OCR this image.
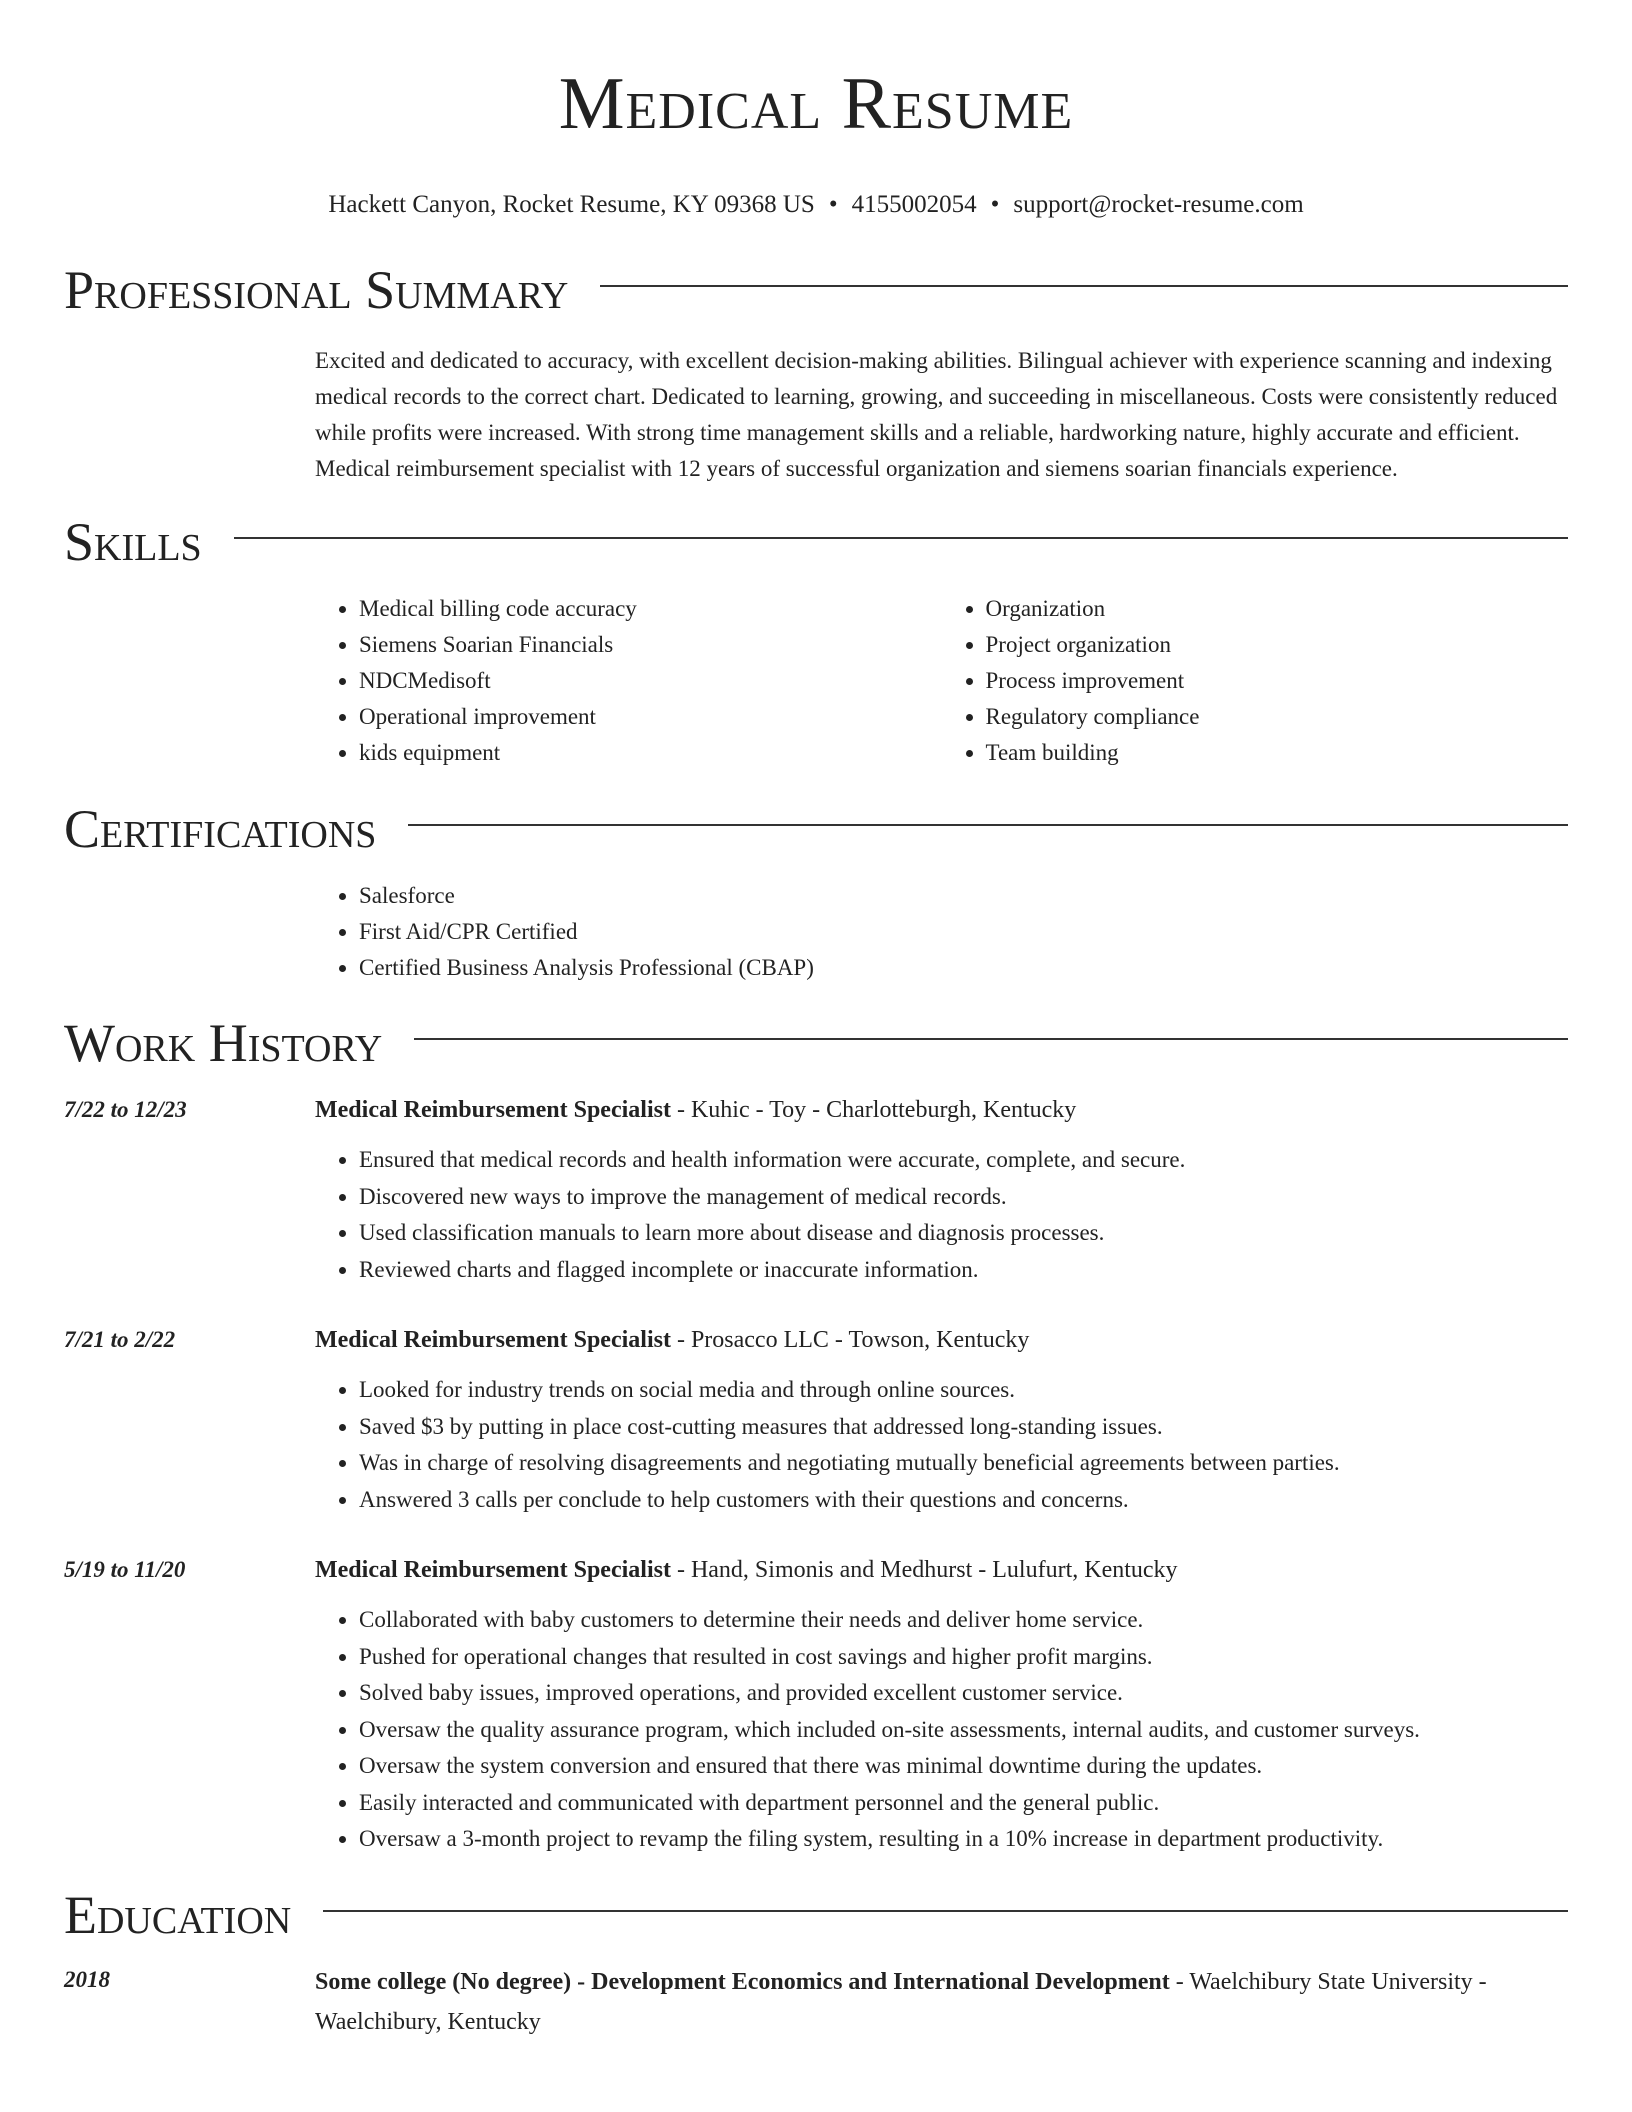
Medical Resume
Hackett Canyon, Rocket Resume, KY 09368 US • 4155002054 • support@rocket-resume.com
Professional Summary
Excited and dedicated to accuracy, with excellent decision-making abilities. Bilingual achiever with experience scanning and indexing medical records to the correct chart. Dedicated to learning, growing, and succeeding in miscellaneous. Costs were consistently reduced while profits were increased. With strong time management skills and a reliable, hardworking nature, highly accurate and efficient. Medical reimbursement specialist with 12 years of successful organization and siemens soarian financials experience.
Skills
• Medical billing code accuracy
• Siemens Soarian Financials
• NDCMedisoft
• Operational improvement
• kids equipment
• Organization
• Project organization
• Process improvement
• Regulatory compliance
• Team building
Certifications
• Salesforce
• First Aid/CPR Certified
• Certified Business Analysis Professional (CBAP)
Work History
7/22 to 12/23	Medical Reimbursement Specialist - Kuhic - Toy - Charlotteburgh, Kentucky
• Ensured that medical records and health information were accurate, complete, and secure.
• Discovered new ways to improve the management of medical records.
• Used classification manuals to learn more about disease and diagnosis processes.
• Reviewed charts and flagged incomplete or inaccurate information.
7/21 to 2/22	Medical Reimbursement Specialist - Prosacco LLC - Towson, Kentucky
• Looked for industry trends on social media and through online sources.
• Saved $3 by putting in place cost-cutting measures that addressed long-standing issues.
• Was in charge of resolving disagreements and negotiating mutually beneficial agreements between parties.
• Answered 3 calls per conclude to help customers with their questions and concerns.
5/19 to 11/20	Medical Reimbursement Specialist - Hand, Simonis and Medhurst - Lulufurt, Kentucky
• Collaborated with baby customers to determine their needs and deliver home service.
• Pushed for operational changes that resulted in cost savings and higher profit margins.
• Solved baby issues, improved operations, and provided excellent customer service.
• Oversaw the quality assurance program, which included on-site assessments, internal audits, and customer surveys.
• Oversaw the system conversion and ensured that there was minimal downtime during the updates.
• Easily interacted and communicated with department personnel and the general public.
• Oversaw a 3-month project to revamp the filing system, resulting in a 10% increase in department productivity.
Education
2018	Some college (No degree) - Development Economics and International Development - Waelchibury State University - Waelchibury, Kentucky
